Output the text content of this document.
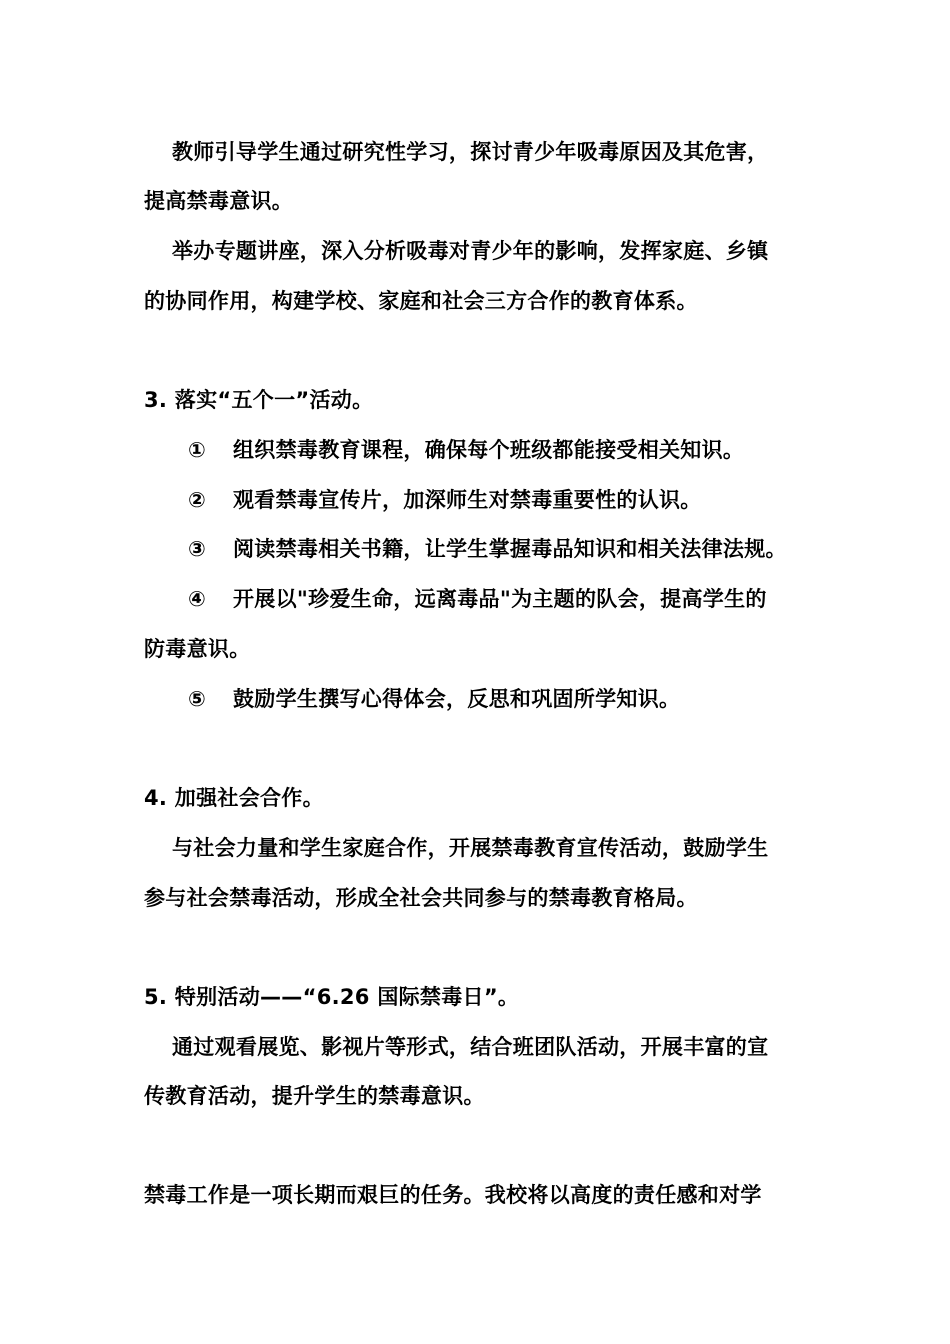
教师引导学生通过研究性学习，探讨青少年吸毒原因及其危害，
提高禁毒意识。
举办专题讲座，深入分析吸毒对青少年的影响，发挥家庭、乡镇
的协同作用，构建学校、家庭和社会三方合作的教育体系。
3. 落实“五个一”活动。
① 组织禁毒教育课程，确保每个班级都能接受相关知识。
② 观看禁毒宣传片，加深师生对禁毒重要性的认识。
③ 阅读禁毒相关书籍，让学生掌握毒品知识和相关法律法规。
④ 开展以"珍爱生命，远离毒品"为主题的队会，提高学生的
防毒意识。
⑤ 鼓励学生撰写心得体会，反思和巩固所学知识。
4. 加强社会合作。
与社会力量和学生家庭合作，开展禁毒教育宣传活动，鼓励学生
参与社会禁毒活动，形成全社会共同参与的禁毒教育格局。
5. 特别活动——“6.26 国际禁毒日”。
通过观看展览、影视片等形式，结合班团队活动，开展丰富的宣
传教育活动，提升学生的禁毒意识。
禁毒工作是一项长期而艰巨的任务。我校将以高度的责任感和对学
